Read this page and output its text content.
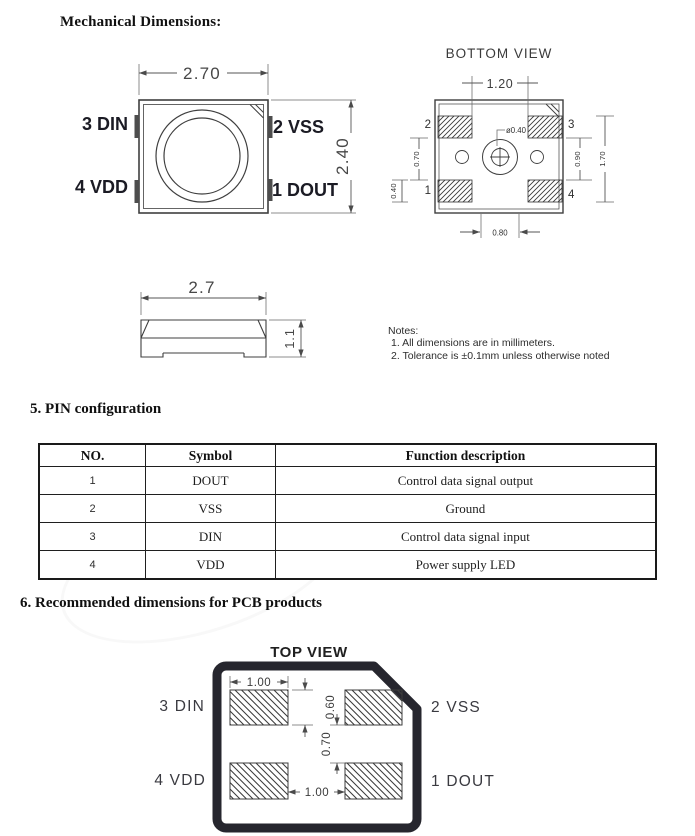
Mechanical Dimensions:
2.70
2.40
3 DIN
4 VDD
2 VSS
1 DOUT
BOTTOM VIEW
2	3
1	4
ø0.40
1.20
0.70
0.40
0.90 1.70
0.80
2.7
1.1	Notes:
1. All dimensions are in millimeters.
2. Tolerance is ±0.1mm unless otherwise noted
5. PIN configuration
NO.	Symbol	Function description
1	DOUT	Control data signal output
2	VSS	Ground
3	DIN	Control data signal input
4	VDD	Power supply LED
6. Recommended dimensions for PCB products
TOP VIEW
1.00
0.60
0.70
1.00
3 DIN
4 VDD
2 VSS
1 DOUT
